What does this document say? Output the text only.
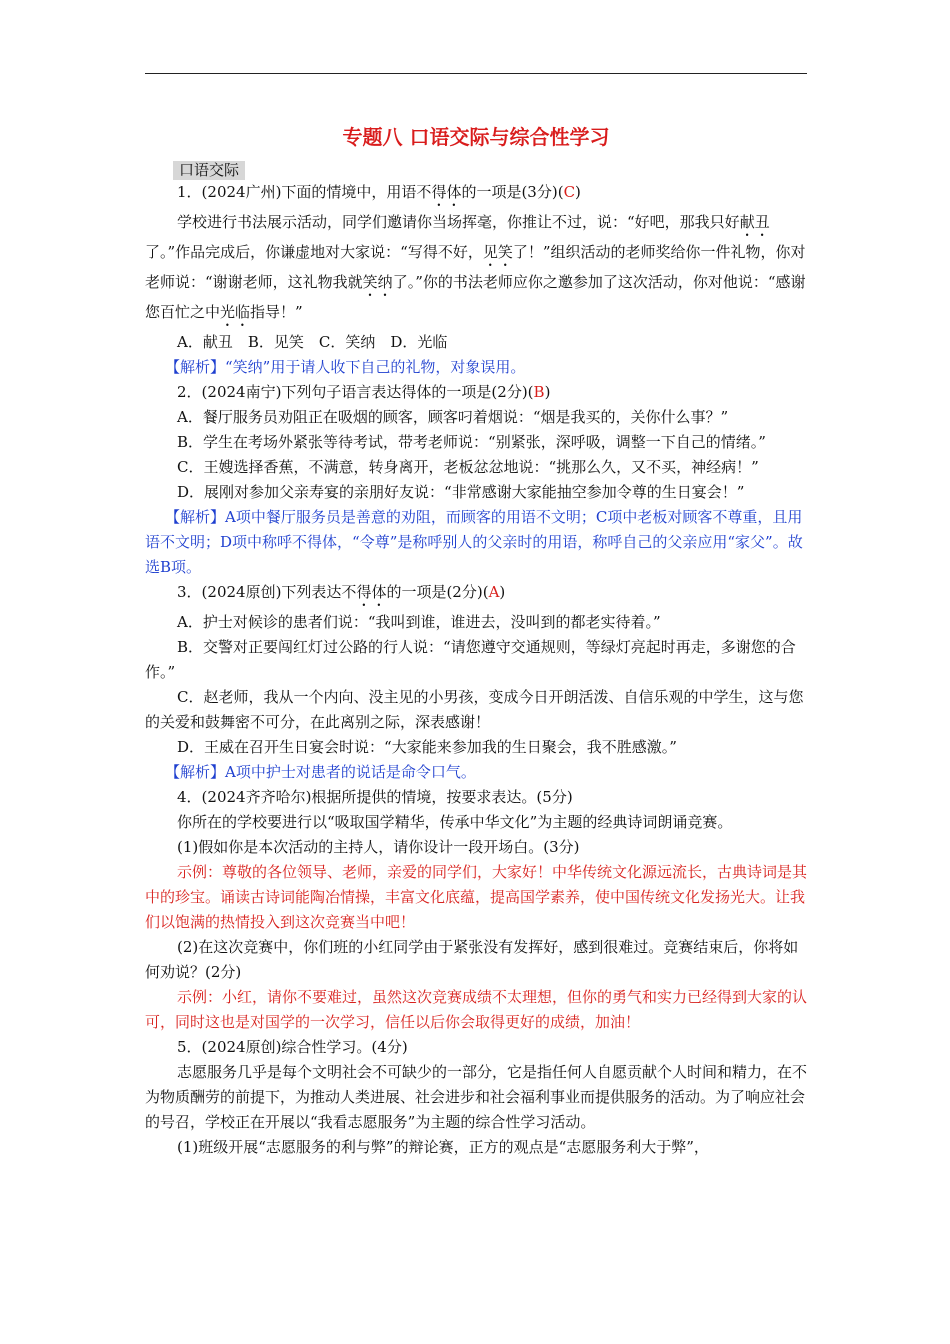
专题八 口语交际与综合性学习
口语交际

1．(2024广州)下面的情境中，用语不得体的一项是(3分)(C)

学校进行书法展示活动，同学们邀请你当场挥毫，你推让不过，说：“好吧，那我只好献丑了。”作品完成后，你谦虚地对大家说：“写得不好，见笑了！”组织活动的老师奖给你一件礼物，你对老师说：“谢谢老师，这礼物我就笑纳了。”你的书法老师应你之邀参加了这次活动，你对他说：“感谢您百忙之中光临指导！”

A．献丑　B．见笑　C．笑纳　D．光临

【解析】“笑纳”用于请人收下自己的礼物，对象误用。

2．(2024南宁)下列句子语言表达得体的一项是(2分)(B)

A．餐厅服务员劝阻正在吸烟的顾客，顾客叼着烟说：“烟是我买的，关你什么事？”

B．学生在考场外紧张等待考试，带考老师说：“别紧张，深呼吸，调整一下自己的情绪。”

C．王嫂选择香蕉，不满意，转身离开，老板忿忿地说：“挑那么久，又不买，神经病！”

D．展刚对参加父亲寿宴的亲朋好友说：“非常感谢大家能抽空参加令尊的生日宴会！”

【解析】A项中餐厅服务员是善意的劝阻，而顾客的用语不文明；C项中老板对顾客不尊重，且用语不文明；D项中称呼不得体，“令尊”是称呼别人的父亲时的用语，称呼自己的父亲应用“家父”。故选B项。

3．(2024原创)下列表达不得体的一项是(2分)(A)

A．护士对候诊的患者们说：“我叫到谁，谁进去，没叫到的都老实待着。”

B．交警对正要闯红灯过公路的行人说：“请您遵守交通规则，等绿灯亮起时再走，多谢您的合作。”

C．赵老师，我从一个内向、没主见的小男孩，变成今日开朗活泼、自信乐观的中学生，这与您的关爱和鼓舞密不可分，在此离别之际，深表感谢！

D．王威在召开生日宴会时说：“大家能来参加我的生日聚会，我不胜感激。”

【解析】A项中护士对患者的说话是命令口气。

4．(2024齐齐哈尔)根据所提供的情境，按要求表达。(5分)

你所在的学校要进行以“吸取国学精华，传承中华文化”为主题的经典诗词朗诵竞赛。

(1)假如你是本次活动的主持人，请你设计一段开场白。(3分)

示例：尊敬的各位领导、老师，亲爱的同学们，大家好！中华传统文化源远流长，古典诗词是其中的珍宝。诵读古诗词能陶冶情操，丰富文化底蕴，提高国学素养，使中国传统文化发扬光大。让我们以饱满的热情投入到这次竞赛当中吧！

(2)在这次竞赛中，你们班的小红同学由于紧张没有发挥好，感到很难过。竞赛结束后，你将如何劝说？(2分)

示例：小红，请你不要难过，虽然这次竞赛成绩不太理想，但你的勇气和实力已经得到大家的认可，同时这也是对国学的一次学习，信任以后你会取得更好的成绩，加油！

5．(2024原创)综合性学习。(4分)

志愿服务几乎是每个文明社会不可缺少的一部分，它是指任何人自愿贡献个人时间和精力，在不为物质酬劳的前提下，为推动人类进展、社会进步和社会福利事业而提供服务的活动。为了响应社会的号召，学校正在开展以“我看志愿服务”为主题的综合性学习活动。

(1)班级开展“志愿服务的利与弊”的辩论赛，正方的观点是“志愿服务利大于弊”，
